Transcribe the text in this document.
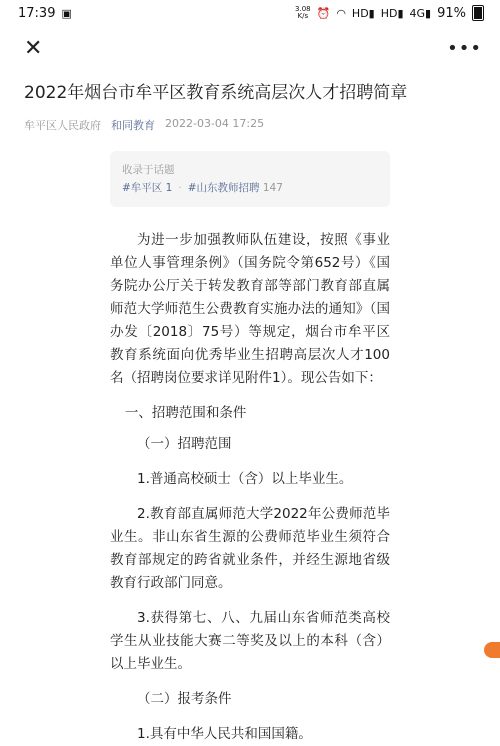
17:39 ▣	3.08
K/s ⏰ ◠ HD▮ HD▮ 4G▮ 91%
✕	•••
2022年烟台市牟平区教育系统高层次人才招聘简章
牟平区人民政府 和同教育 2022-03-04 17:25
收录于话题
#牟平区 1 · #山东教师招聘 147

为进一步加强教师队伍建设，按照《事业单位人事管理条例》（国务院令第652号）《国务院办公厅关于转发教育部等部门教育部直属师范大学师范生公费教育实施办法的通知》（国办发〔2018〕75号）等规定，烟台市牟平区教育系统面向优秀毕业生招聘高层次人才100名（招聘岗位要求详见附件1）。现公告如下：

一、招聘范围和条件

（一）招聘范围

1.普通高校硕士（含）以上毕业生。

2.教育部直属师范大学2022年公费师范毕业生。非山东省生源的公费师范毕业生须符合教育部规定的跨省就业条件，并经生源地省级教育行政部门同意。

3.获得第七、八、九届山东省师范类高校学生从业技能大赛二等奖及以上的本科（含）以上毕业生。

（二）报考条件

1.具有中华人民共和国国籍。
